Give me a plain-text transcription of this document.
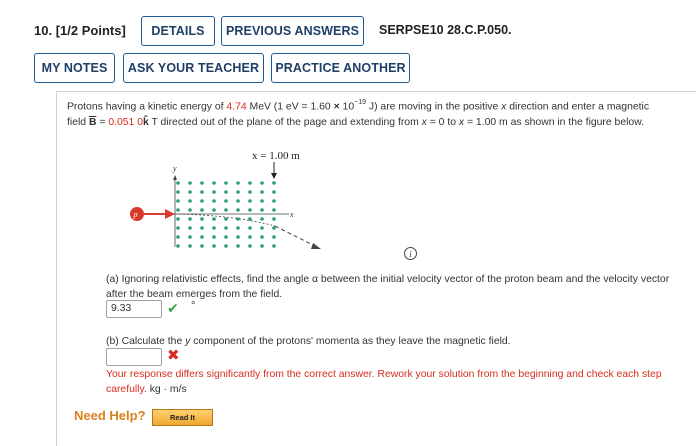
10. [1/2 Points]	DETAILS	PREVIOUS ANSWERS	SERPSE10 28.C.P.050.
MY NOTES	ASK YOUR TEACHER	PRACTICE ANOTHER

Protons having a kinetic energy of 4.74 MeV (1 eV = $1.60 \times 10^{-19}$ J) are moving in the positive x direction and enter a magnetic field $\overline{B} = 0.051$ 0k̂ T directed out of the plane of the page and extending from x = 0 to x = 1.00 m as shown in the figure below.

x = 1.00 m
y
x
p
i

(a) Ignoring relativistic effects, find the angle α between the initial velocity vector of the proton beam and the velocity vector after the beam emerges from the field.

9.33	✔ °

(b) Calculate the y component of the protons' momenta as they leave the magnetic field.

✖

Your response differs significantly from the correct answer. Rework your solution from the beginning and check each step carefully. kg · m/s

Need Help?	Read It
